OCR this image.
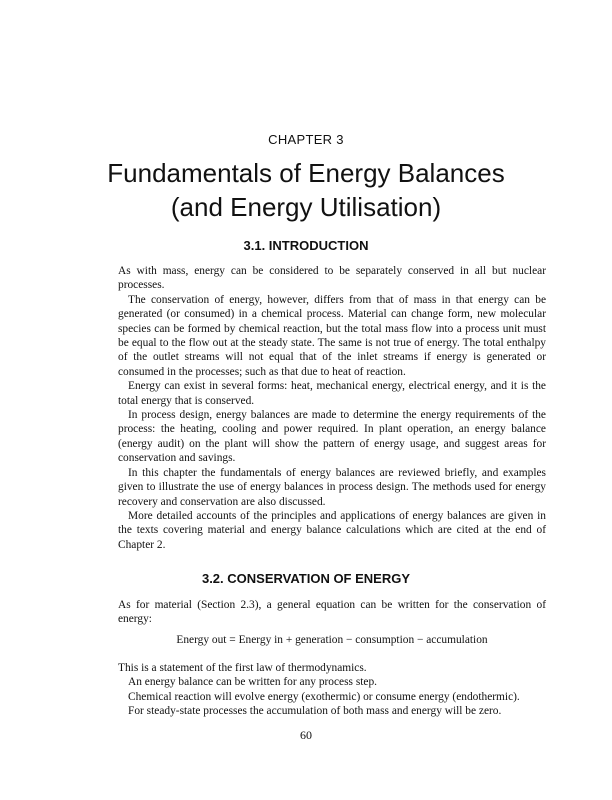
CHAPTER 3
Fundamentals of Energy Balances
(and Energy Utilisation)
3.1. INTRODUCTION

As with mass, energy can be considered to be separately conserved in all but nuclear processes.

The conservation of energy, however, differs from that of mass in that energy can be generated (or consumed) in a chemical process. Material can change form, new molecular species can be formed by chemical reaction, but the total mass flow into a process unit must be equal to the flow out at the steady state. The same is not true of energy. The total enthalpy of the outlet streams will not equal that of the inlet streams if energy is generated or consumed in the processes; such as that due to heat of reaction.

Energy can exist in several forms: heat, mechanical energy, electrical energy, and it is the total energy that is conserved.

In process design, energy balances are made to determine the energy requirements of the process: the heating, cooling and power required. In plant operation, an energy balance (energy audit) on the plant will show the pattern of energy usage, and suggest areas for conservation and savings.

In this chapter the fundamentals of energy balances are reviewed briefly, and examples given to illustrate the use of energy balances in process design. The methods used for energy recovery and conservation are also discussed.

More detailed accounts of the principles and applications of energy balances are given in the texts covering material and energy balance calculations which are cited at the end of Chapter 2.

3.2. CONSERVATION OF ENERGY

As for material (Section 2.3), a general equation can be written for the conservation of energy:

Energy out = Energy in + generation − consumption − accumulation

This is a statement of the first law of thermodynamics.

An energy balance can be written for any process step.

Chemical reaction will evolve energy (exothermic) or consume energy (endothermic).

For steady-state processes the accumulation of both mass and energy will be zero.

60
